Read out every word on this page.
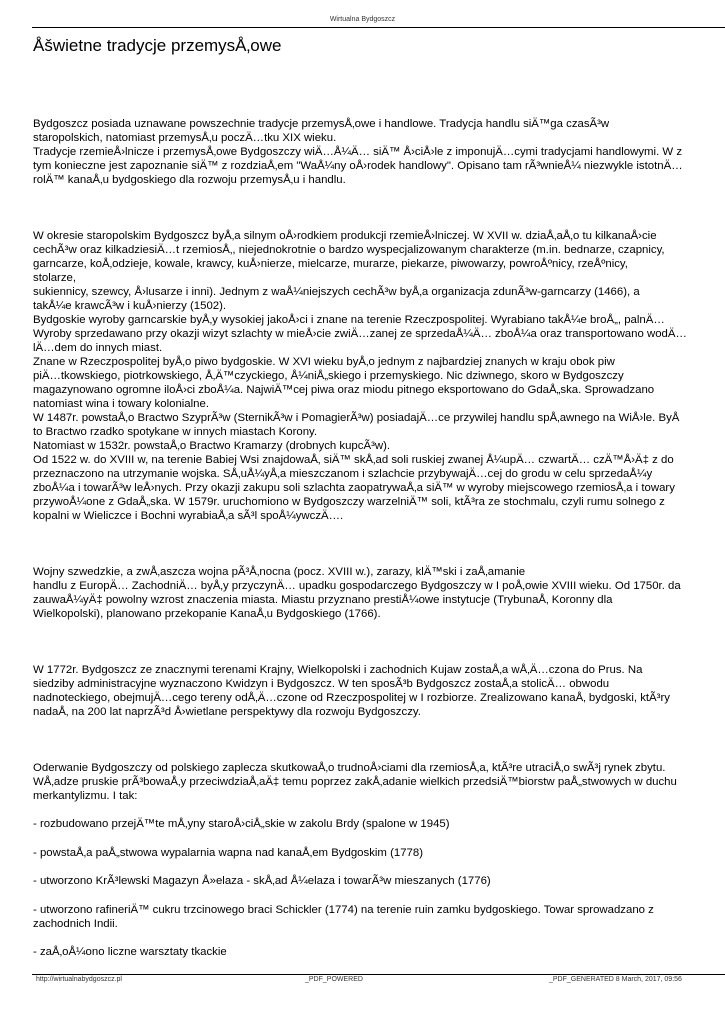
Wirtualna Bydgoszcz
Åšwietne tradycje przemysÅ‚owe
Bydgoszcz posiada uznawane powszechnie tradycje przemysÅ‚owe i handlowe. Tradycja handlu siÄ™ga czasÃ³w
staropolskich, natomiast przemysÅ‚u poczÄ…tku XIX wieku.
Tradycje rzemieÅ›lnicze i przemysÅ‚owe Bydgoszczy wiÄ…Å¼Ä… siÄ™ Å›ciÅ›le z imponujÄ…cymi tradycjami handlowymi. W z
tym konieczne jest zapoznanie siÄ™ z rozdziaÅ‚em "WaÅ¼ny oÅ›rodek handlowy". Opisano tam rÃ³wnieÅ¼ niezwykle istotnÄ…
rolÄ™ kanaÅ‚u bydgoskiego dla rozwoju przemysÅ‚u i handlu.
W okresie staropolskim Bydgoszcz byÅ‚a silnym oÅ›rodkiem produkcji rzemieÅ›lniczej. W XVII w. dziaÅ‚aÅ‚o tu kilkanaÅ›cie
cechÃ³w oraz kilkadziesiÄ…t rzemiosÅ‚, niejednokrotnie o bardzo wyspecjalizowanym charakterze (m.in. bednarze, czapnicy,
garncarze, koÅ‚odzieje, kowale, krawcy, kuÅ›nierze, mielcarze, murarze, piekarze, piwowarzy, powroÅºnicy, rzeÅºnicy,
stolarze,
sukiennicy, szewcy, Å›lusarze i inni). Jednym z waÅ¼niejszych cechÃ³w byÅ‚a organizacja zdunÃ³w-garncarzy (1466), a
takÅ¼e krawcÃ³w i kuÅ›nierzy (1502).
Bydgoskie wyroby garncarskie byÅ‚y wysokiej jakoÅ›ci i znane na terenie Rzeczpospolitej. Wyrabiano takÅ¼e broÅ„, palnÄ…
Wyroby sprzedawano przy okazji wizyt szlachty w mieÅ›cie zwiÄ…zanej ze sprzedaÅ¼Ä… zboÅ¼a oraz transportowano wodÄ…
lÄ…dem do innych miast.
Znane w Rzeczpospolitej byÅ‚o piwo bydgoskie. W XVI wieku byÅ‚o jednym z najbardziej znanych w kraju obok piw
piÄ…tkowskiego, piotrkowskiego, Å‚Ä™czyckiego, Å¼niÅ„skiego i przemyskiego. Nic dziwnego, skoro w Bydgoszczy
magazynowano ogromne iloÅ›ci zboÅ¼a. NajwiÄ™cej piwa oraz miodu pitnego eksportowano do GdaÅ„ska. Sprowadzano
natomiast wina i towary kolonialne.
W 1487r. powstaÅ‚o Bractwo SzyprÃ³w (SternikÃ³w i PomagierÃ³w) posiadajÄ…ce przywilej handlu spÅ‚awnego na WiÅ›le. ByÅ
to Bractwo rzadko spotykane w innych miastach Korony.
Natomiast w 1532r. powstaÅ‚o Bractwo Kramarzy (drobnych kupcÃ³w).
Od 1522 w. do XVIII w, na terenie Babiej Wsi znajdowaÅ‚ siÄ™ skÅ‚ad soli ruskiej zwanej Å¼upÄ… czwartÄ… czÄ™Å›Ä‡ z do
przeznaczono na utrzymanie wojska. SÅ‚uÅ¼yÅ‚a mieszczanom i szlachcie przybywajÄ…cej do grodu w celu sprzedaÅ¼y
zboÅ¼a i towarÃ³w leÅ›nych. Przy okazji zakupu soli szlachta zaopatrywaÅ‚a siÄ™ w wyroby miejscowego rzemiosÅ‚a i towary
przywoÅ¼one z GdaÅ„ska. W 1579r. uruchomiono w Bydgoszczy warzelniÄ™ soli, ktÃ³ra ze stochmalu, czyli rumu solnego z
kopalni w Wieliczce i Bochni wyrabiaÅ‚a sÃ³l spoÅ¼ywczÄ….
Wojny szwedzkie, a zwÅ‚aszcza wojna pÃ³Å‚nocna (pocz. XVIII w.), zarazy, klÄ™ski i zaÅ‚amanie
handlu z EuropÄ… ZachodniÄ… byÅ‚y przyczynÄ… upadku gospodarczego Bydgoszczy w I poÅ‚owie XVIII wieku. Od 1750r. da
zauwaÅ¼yÄ‡ powolny wzrost znaczenia miasta. Miastu przyznano prestiÅ¼owe instytucje (TrybunaÅ‚ Koronny dla
Wielkopolski), planowano przekopanie KanaÅ‚u Bydgoskiego (1766).
W 1772r. Bydgoszcz ze znacznymi terenami Krajny, Wielkopolski i zachodnich Kujaw zostaÅ‚a wÅ‚Ä…czona do Prus. Na
siedziby administracyjne wyznaczono Kwidzyn i Bydgoszcz. W ten sposÃ³b Bydgoszcz zostaÅ‚a stolicÄ… obwodu
nadnoteckiego, obejmujÄ…cego tereny odÅ‚Ä…czone od Rzeczpospolitej w I rozbiorze. Zrealizowano kanaÅ‚ bydgoski, ktÃ³ry
nadaÅ‚ na 200 lat naprzÃ³d Å›wietlane perspektywy dla rozwoju Bydgoszczy.
Oderwanie Bydgoszczy od polskiego zaplecza skutkowaÅ‚o trudnoÅ›ciami dla rzemiosÅ‚a, ktÃ³re utraciÅ‚o swÃ³j rynek zbytu.
WÅ‚adze pruskie prÃ³bowaÅ‚y przeciwdziaÅ‚aÄ‡ temu poprzez zakÅ‚adanie wielkich przedsiÄ™biorstw paÅ„stwowych w duchu
merkantylizmu. I tak:
- rozbudowano przejÄ™te mÅ‚yny staroÅ›ciÅ„skie w zakolu Brdy (spalone w 1945)
- powstaÅ‚a paÅ„stwowa wypalarnia wapna nad kanaÅ‚em Bydgoskim (1778)
- utworzono KrÃ³lewski Magazyn Å»elaza - skÅ‚ad Å¼elaza i towarÃ³w mieszanych (1776)
- utworzono rafineriÄ™ cukru trzcinowego braci Schickler (1774) na terenie ruin zamku bydgoskiego. Towar sprowadzano z
zachodnich Indii.
- zaÅ‚oÅ¼ono liczne warsztaty tkackie
http://wirtualnabydgoszcz.pl	_PDF_POWERED	_PDF_GENERATED 8 March, 2017, 09:56
